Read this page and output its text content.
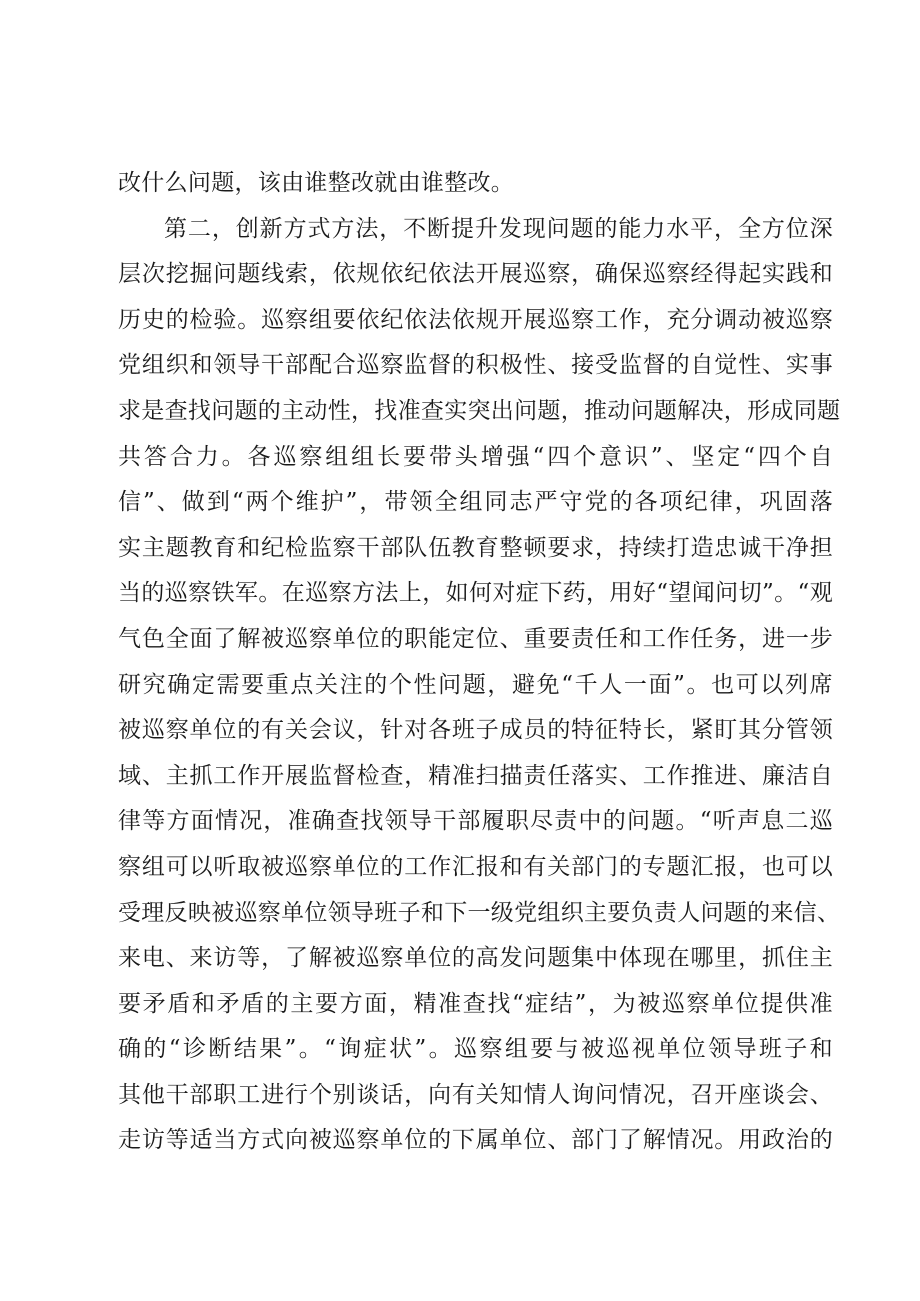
改什么问题，该由谁整改就由谁整改。
第二，创新方式方法，不断提升发现问题的能力水平，全方位深
层次挖掘问题线索，依规依纪依法开展巡察，确保巡察经得起实践和
历史的检验。巡察组要依纪依法依规开展巡察工作，充分调动被巡察
党组织和领导干部配合巡察监督的积极性、接受监督的自觉性、实事
求是查找问题的主动性，找准查实突出问题，推动问题解决，形成同题
共答合力。各巡察组组长要带头增强“四个意识”、坚定“四个自
信”、做到“两个维护”，带领全组同志严守党的各项纪律，巩固落
实主题教育和纪检监察干部队伍教育整顿要求，持续打造忠诚干净担
当的巡察铁军。在巡察方法上，如何对症下药，用好“望闻问切”。“观
气色全面了解被巡察单位的职能定位、重要责任和工作任务，进一步
研究确定需要重点关注的个性问题，避免“千人一面”。也可以列席
被巡察单位的有关会议，针对各班子成员的特征特长，紧盯其分管领
域、主抓工作开展监督检查，精准扫描责任落实、工作推进、廉洁自
律等方面情况，准确查找领导干部履职尽责中的问题。“听声息二巡
察组可以听取被巡察单位的工作汇报和有关部门的专题汇报，也可以
受理反映被巡察单位领导班子和下一级党组织主要负责人问题的来信、
来电、来访等，了解被巡察单位的高发问题集中体现在哪里，抓住主
要矛盾和矛盾的主要方面，精准查找“症结”，为被巡察单位提供准
确的“诊断结果”。“询症状”。巡察组要与被巡视单位领导班子和
其他干部职工进行个别谈话，向有关知情人询问情况，召开座谈会、
走访等适当方式向被巡察单位的下属单位、部门了解情况。用政治的
